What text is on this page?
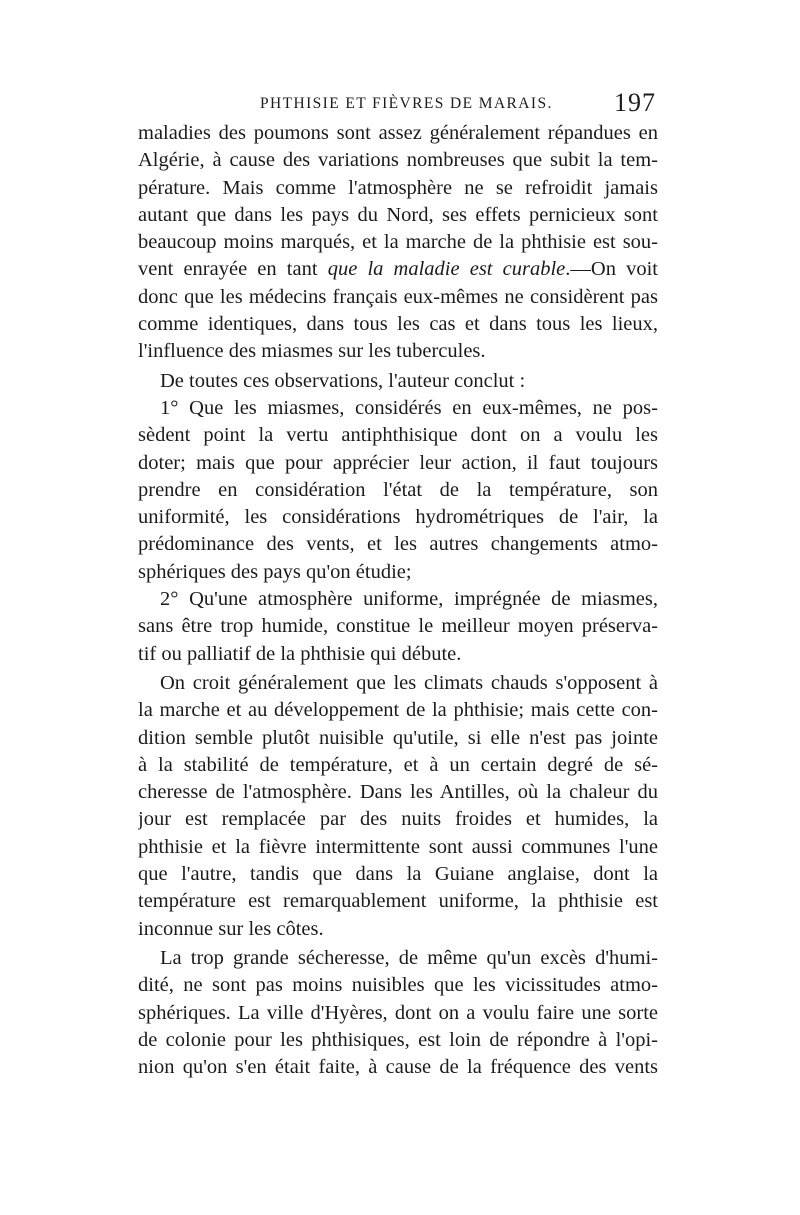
PHTHISIE ET FIÈVRES DE MARAIS. 197
maladies des poumons sont assez généralement répandues en
Algérie, à cause des variations nombreuses que subit la tem-
pérature. Mais comme l'atmosphère ne se refroidit jamais
autant que dans les pays du Nord, ses effets pernicieux sont
beaucoup moins marqués, et la marche de la phthisie est sou-
vent enrayée en tant que la maladie est curable.—On voit
donc que les médecins français eux-mêmes ne considèrent pas
comme identiques, dans tous les cas et dans tous les lieux,
l'influence des miasmes sur les tubercules.
De toutes ces observations, l'auteur conclut :
1° Que les miasmes, considérés en eux-mêmes, ne pos-
sèdent point la vertu antiphthisique dont on a voulu les
doter; mais que pour apprécier leur action, il faut toujours
prendre en considération l'état de la température, son
uniformité, les considérations hydrométriques de l'air, la
prédominance des vents, et les autres changements atmo-
sphériques des pays qu'on étudie;
2° Qu'une atmosphère uniforme, imprégnée de miasmes,
sans être trop humide, constitue le meilleur moyen préserva-
tif ou palliatif de la phthisie qui débute.
On croit généralement que les climats chauds s'opposent à
la marche et au développement de la phthisie; mais cette con-
dition semble plutôt nuisible qu'utile, si elle n'est pas jointe
à la stabilité de température, et à un certain degré de sé-
cheresse de l'atmosphère. Dans les Antilles, où la chaleur du
jour est remplacée par des nuits froides et humides, la
phthisie et la fièvre intermittente sont aussi communes l'une
que l'autre, tandis que dans la Guiane anglaise, dont la
température est remarquablement uniforme, la phthisie est
inconnue sur les côtes.
La trop grande sécheresse, de même qu'un excès d'humi-
dité, ne sont pas moins nuisibles que les vicissitudes atmo-
sphériques. La ville d'Hyères, dont on a voulu faire une sorte
de colonie pour les phthisiques, est loin de répondre à l'opi-
nion qu'on s'en était faite, à cause de la fréquence des vents
